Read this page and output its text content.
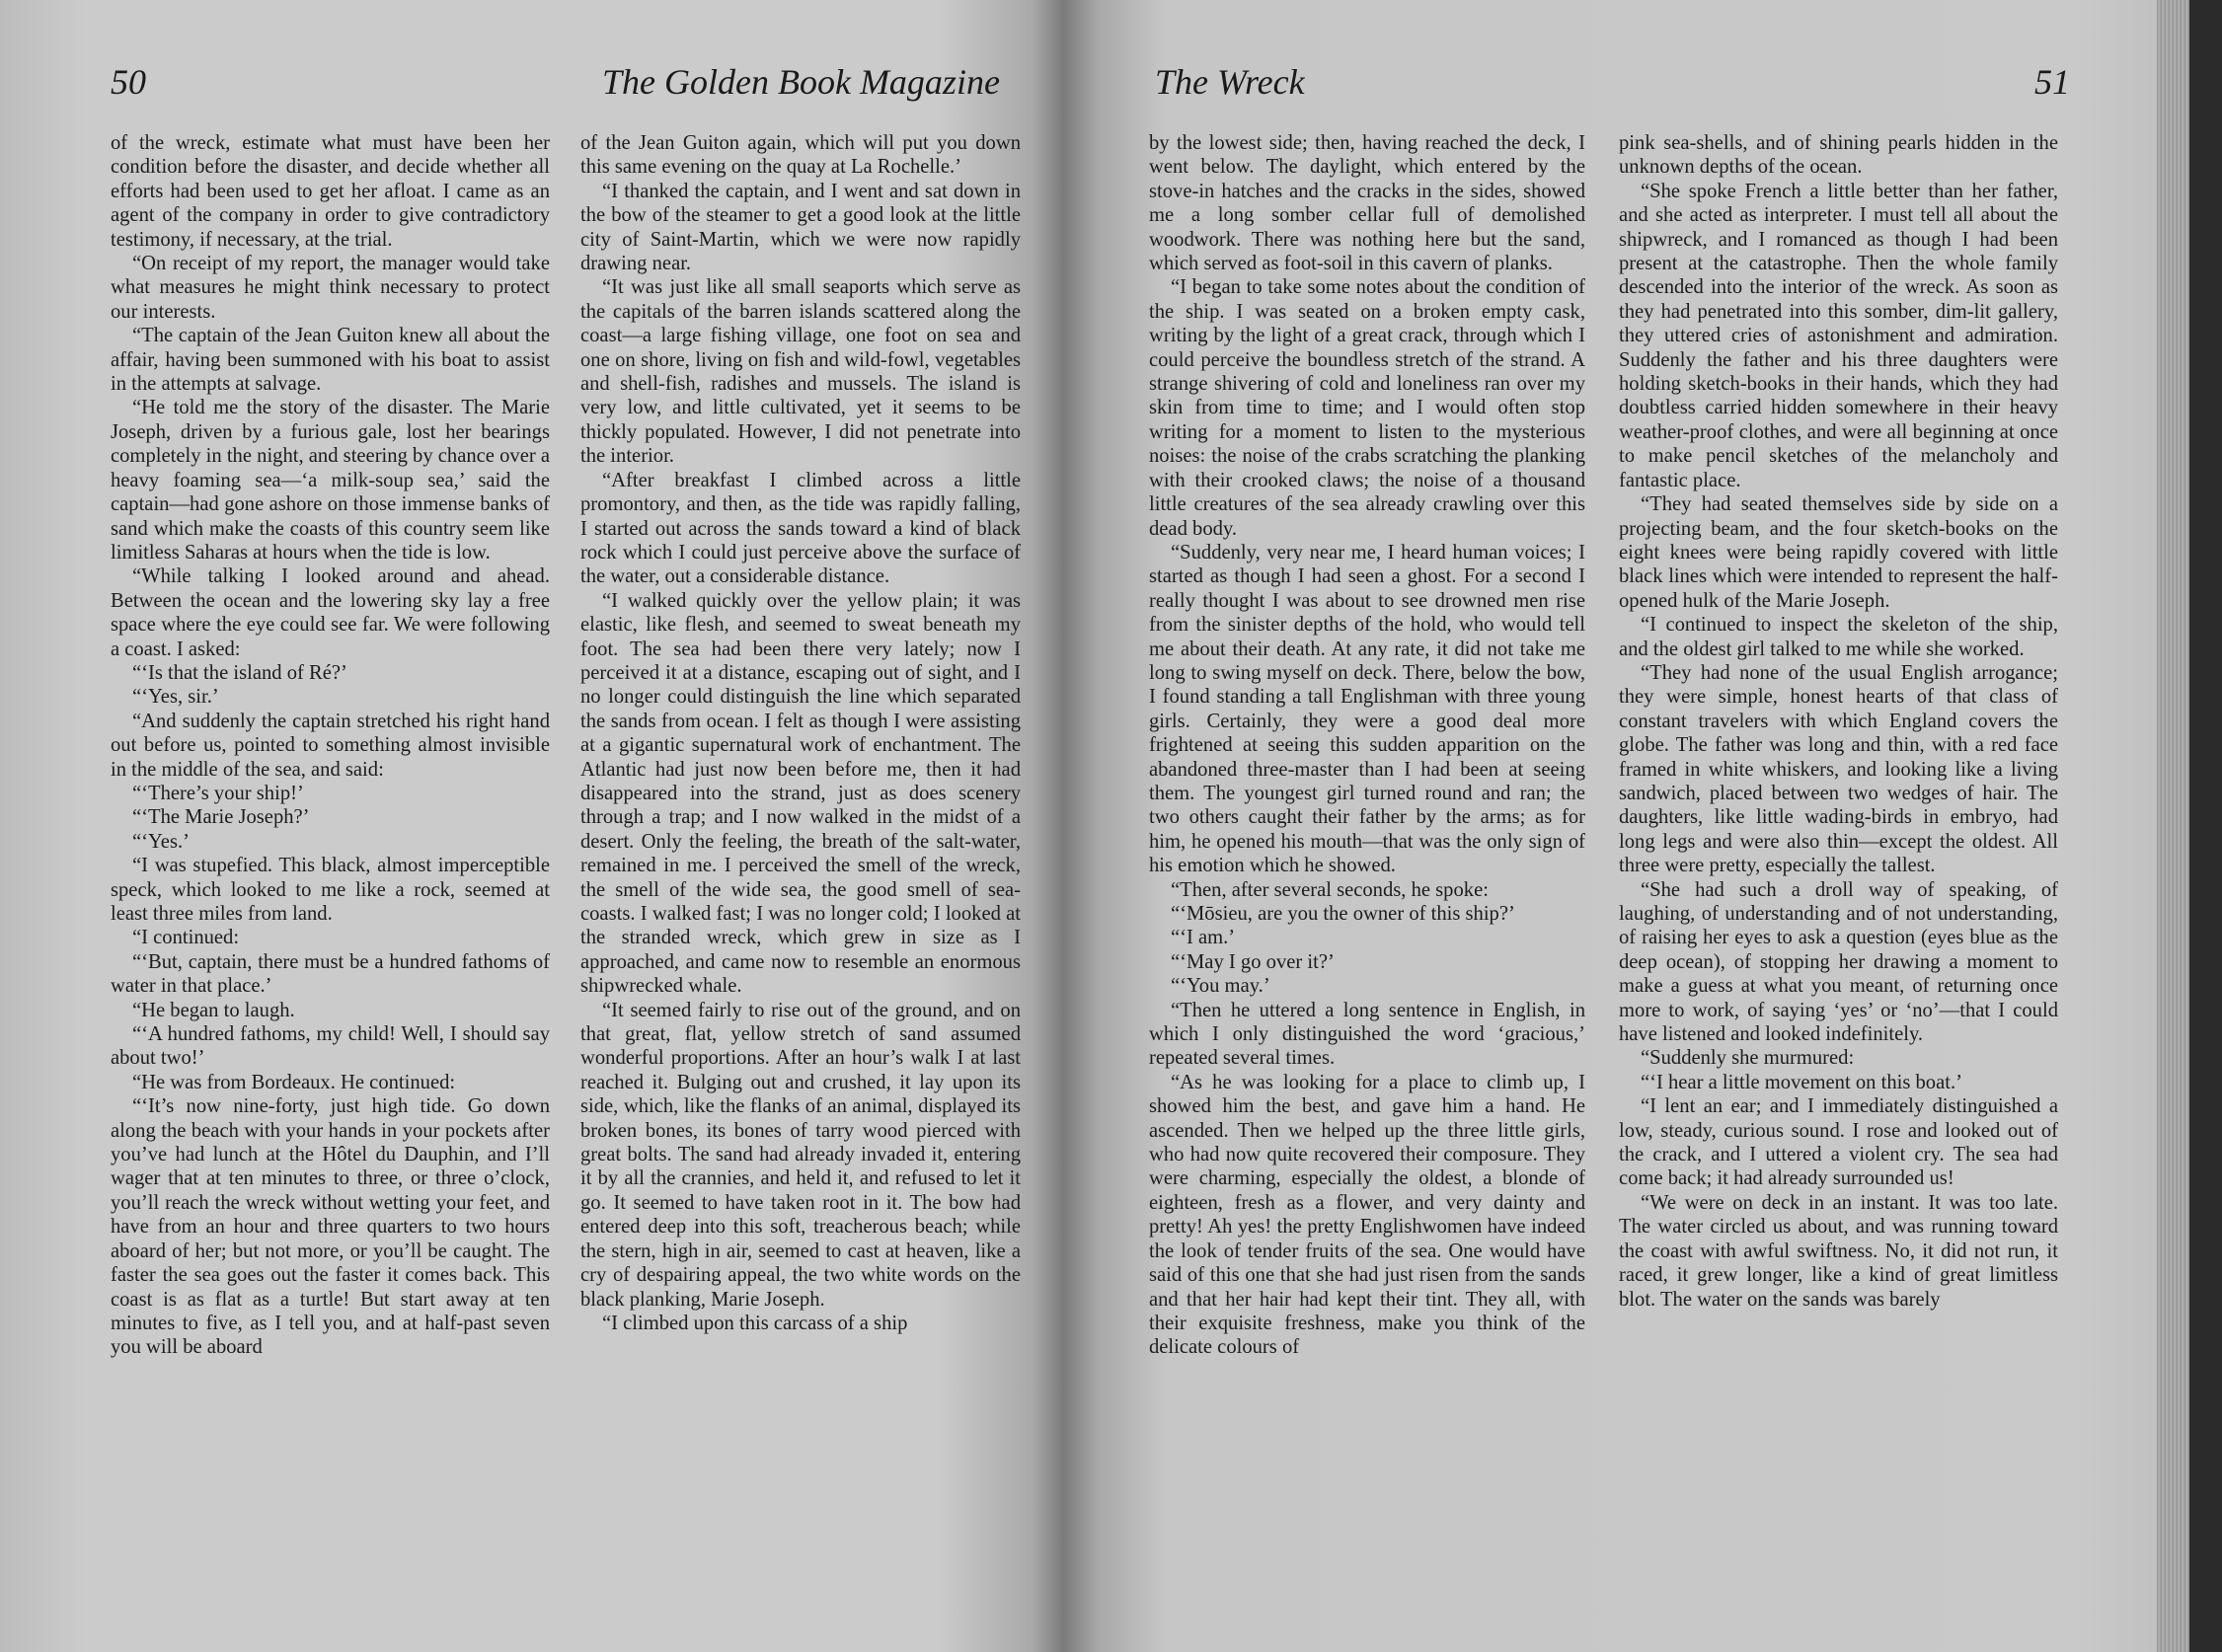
50	The Golden Book Magazine

of the wreck, estimate what must have been her condition before the disaster, and decide whether all efforts had been used to get her afloat. I came as an agent of the company in order to give contradictory testimony, if necessary, at the trial.

“On receipt of my report, the manager would take what measures he might think necessary to protect our interests.

“The captain of the Jean Guiton knew all about the affair, having been summoned with his boat to assist in the attempts at salvage.

“He told me the story of the disaster. The Marie Joseph, driven by a furious gale, lost her bearings completely in the night, and steering by chance over a heavy foaming sea—‘a milk-soup sea,’ said the captain—had gone ashore on those immense banks of sand which make the coasts of this country seem like limitless Saharas at hours when the tide is low.

“While talking I looked around and ahead. Between the ocean and the lowering sky lay a free space where the eye could see far. We were following a coast. I asked:

“‘Is that the island of Ré?’

“‘Yes, sir.’

“And suddenly the captain stretched his right hand out before us, pointed to something almost invisible in the middle of the sea, and said:

“‘There’s your ship!’

“‘The Marie Joseph?’

“‘Yes.’

“I was stupefied. This black, almost imperceptible speck, which looked to me like a rock, seemed at least three miles from land.

“I continued:

“‘But, captain, there must be a hundred fathoms of water in that place.’

“He began to laugh.

“‘A hundred fathoms, my child! Well, I should say about two!’

“He was from Bordeaux. He continued:

“‘It’s now nine-forty, just high tide. Go down along the beach with your hands in your pockets after you’ve had lunch at the Hôtel du Dauphin, and I’ll wager that at ten minutes to three, or three o’clock, you’ll reach the wreck without wetting your feet, and have from an hour and three quarters to two hours aboard of her; but not more, or you’ll be caught. The faster the sea goes out the faster it comes back. This coast is as flat as a turtle! But start away at ten minutes to five, as I tell you, and at half-past seven you will be aboard

of the Jean Guiton again, which will put you down this same evening on the quay at La Rochelle.’

“I thanked the captain, and I went and sat down in the bow of the steamer to get a good look at the little city of Saint-Martin, which we were now rapidly drawing near.

“It was just like all small seaports which serve as the capitals of the barren islands scattered along the coast—a large fishing village, one foot on sea and one on shore, living on fish and wild-fowl, vegetables and shell-fish, radishes and mussels. The island is very low, and little cultivated, yet it seems to be thickly populated. However, I did not penetrate into the interior.

“After breakfast I climbed across a little promontory, and then, as the tide was rapidly falling, I started out across the sands toward a kind of black rock which I could just perceive above the surface of the water, out a considerable distance.

“I walked quickly over the yellow plain; it was elastic, like flesh, and seemed to sweat beneath my foot. The sea had been there very lately; now I perceived it at a distance, escaping out of sight, and I no longer could distinguish the line which separated the sands from ocean. I felt as though I were assisting at a gigantic supernatural work of enchantment. The Atlantic had just now been before me, then it had disappeared into the strand, just as does scenery through a trap; and I now walked in the midst of a desert. Only the feeling, the breath of the salt-water, remained in me. I perceived the smell of the wreck, the smell of the wide sea, the good smell of sea-coasts. I walked fast; I was no longer cold; I looked at the stranded wreck, which grew in size as I approached, and came now to resemble an enormous shipwrecked whale.

“It seemed fairly to rise out of the ground, and on that great, flat, yellow stretch of sand assumed wonderful proportions. After an hour’s walk I at last reached it. Bulging out and crushed, it lay upon its side, which, like the flanks of an animal, displayed its broken bones, its bones of tarry wood pierced with great bolts. The sand had already invaded it, entering it by all the crannies, and held it, and refused to let it go. It seemed to have taken root in it. The bow had entered deep into this soft, treacherous beach; while the stern, high in air, seemed to cast at heaven, like a cry of despairing appeal, the two white words on the black planking, Marie Joseph.

“I climbed upon this carcass of a ship

The Wreck	51

by the lowest side; then, having reached the deck, I went below. The daylight, which entered by the stove-in hatches and the cracks in the sides, showed me a long somber cellar full of demolished woodwork. There was nothing here but the sand, which served as foot-soil in this cavern of planks.

“I began to take some notes about the condition of the ship. I was seated on a broken empty cask, writing by the light of a great crack, through which I could perceive the boundless stretch of the strand. A strange shivering of cold and loneliness ran over my skin from time to time; and I would often stop writing for a moment to listen to the mysterious noises: the noise of the crabs scratching the planking with their crooked claws; the noise of a thousand little creatures of the sea already crawling over this dead body.

“Suddenly, very near me, I heard human voices; I started as though I had seen a ghost. For a second I really thought I was about to see drowned men rise from the sinister depths of the hold, who would tell me about their death. At any rate, it did not take me long to swing myself on deck. There, below the bow, I found standing a tall Englishman with three young girls. Certainly, they were a good deal more frightened at seeing this sudden apparition on the abandoned three-master than I had been at seeing them. The youngest girl turned round and ran; the two others caught their father by the arms; as for him, he opened his mouth—that was the only sign of his emotion which he showed.

“Then, after several seconds, he spoke:

“‘Mōsieu, are you the owner of this ship?’

“‘I am.’

“‘May I go over it?’

“‘You may.’

“Then he uttered a long sentence in English, in which I only distinguished the word ‘gracious,’ repeated several times.

“As he was looking for a place to climb up, I showed him the best, and gave him a hand. He ascended. Then we helped up the three little girls, who had now quite recovered their composure. They were charming, especially the oldest, a blonde of eighteen, fresh as a flower, and very dainty and pretty! Ah yes! the pretty Englishwomen have indeed the look of tender fruits of the sea. One would have said of this one that she had just risen from the sands and that her hair had kept their tint. They all, with their exquisite freshness, make you think of the delicate colours of

pink sea-shells, and of shining pearls hidden in the unknown depths of the ocean.

“She spoke French a little better than her father, and she acted as interpreter. I must tell all about the shipwreck, and I romanced as though I had been present at the catastrophe. Then the whole family descended into the interior of the wreck. As soon as they had penetrated into this somber, dim-lit gallery, they uttered cries of astonishment and admiration. Suddenly the father and his three daughters were holding sketch-books in their hands, which they had doubtless carried hidden somewhere in their heavy weather-proof clothes, and were all beginning at once to make pencil sketches of the melancholy and fantastic place.

“They had seated themselves side by side on a projecting beam, and the four sketch-books on the eight knees were being rapidly covered with little black lines which were intended to represent the half-opened hulk of the Marie Joseph.

“I continued to inspect the skeleton of the ship, and the oldest girl talked to me while she worked.

“They had none of the usual English arrogance; they were simple, honest hearts of that class of constant travelers with which England covers the globe. The father was long and thin, with a red face framed in white whiskers, and looking like a living sandwich, placed between two wedges of hair. The daughters, like little wading-birds in embryo, had long legs and were also thin—except the oldest. All three were pretty, especially the tallest.

“She had such a droll way of speaking, of laughing, of understanding and of not understanding, of raising her eyes to ask a question (eyes blue as the deep ocean), of stopping her drawing a moment to make a guess at what you meant, of returning once more to work, of saying ‘yes’ or ‘no’—that I could have listened and looked indefinitely.

“Suddenly she murmured:

“‘I hear a little movement on this boat.’

“I lent an ear; and I immediately distinguished a low, steady, curious sound. I rose and looked out of the crack, and I uttered a violent cry. The sea had come back; it had already surrounded us!

“We were on deck in an instant. It was too late. The water circled us about, and was running toward the coast with awful swiftness. No, it did not run, it raced, it grew longer, like a kind of great limitless blot. The water on the sands was barely
